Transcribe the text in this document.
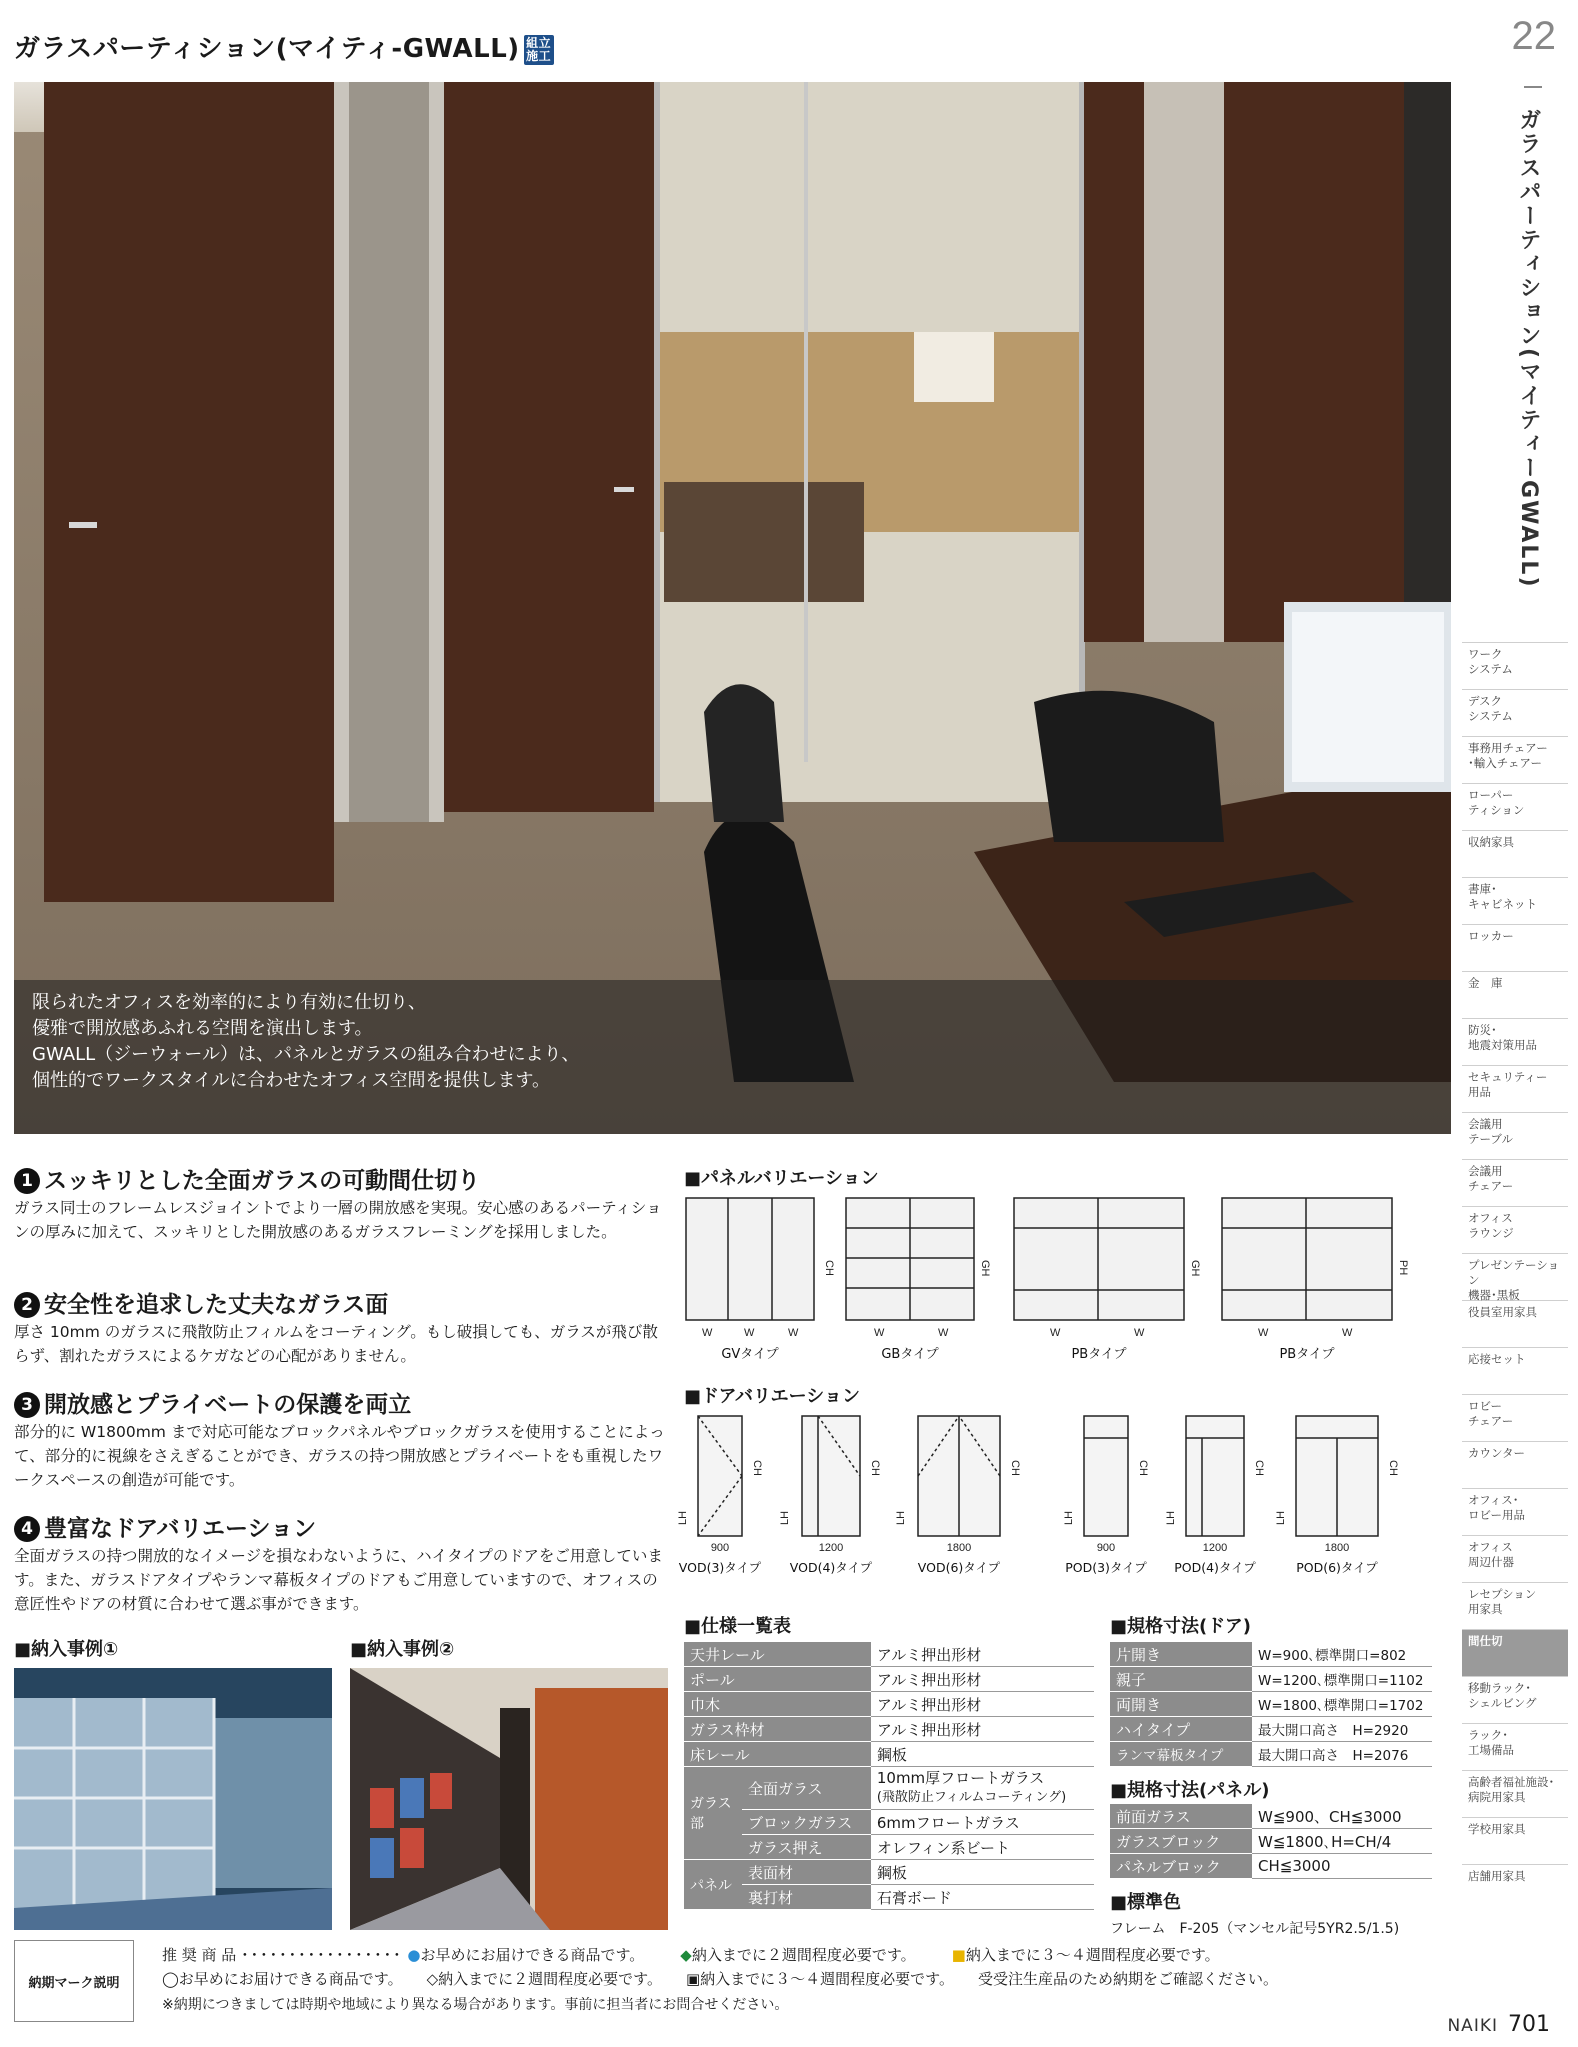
ガラスパーティション(マイティ-GWALL) 組立施工	22
ガラスパーティション(マイティーGWALL)

限られたオフィスを効率的により有効に仕切り、

優雅で開放感あふれる空間を演出します。

GWALL（ジーウォール）は、パネルとガラスの組み合わせにより、

個性的でワークスタイルに合わせたオフィス空間を提供します。

ワーク
システム
デスク
システム
事務用チェアー
･輸入チェアー
ローパー
ティション
収納家具
書庫･
キャビネット
ロッカー
金　庫
防災･
地震対策用品
セキュリティー
用品
会議用
テーブル
会議用
チェアー
オフィス
ラウンジ
プレゼンテーション
機器･黒板
役員室用家具
応接セット
ロビー
チェアー
カウンター
オフィス･
ロビー用品
オフィス
周辺什器
レセプション
用家具
間仕切
移動ラック･
シェルビング
ラック･
工場備品
高齢者福祉施設･
病院用家具
学校用家具
店舗用家具
1 スッキリとした全面ガラスの可動間仕切り

ガラス同士のフレームレスジョイントでより一層の開放感を実現。安心感のあるパーティションの厚みに加えて、スッキリとした開放感のあるガラスフレーミングを採用しました。

2 安全性を追求した丈夫なガラス面

厚さ 10mm のガラスに飛散防止フィルムをコーティング。もし破損しても、ガラスが飛び散らず、割れたガラスによるケガなどの心配がありません。

3 開放感とプライベートの保護を両立

部分的に W1800mm まで対応可能なブロックパネルやブロックガラスを使用することによって、部分的に視線をさえぎることができ、ガラスの持つ開放感とプライベートをも重視したワークスペースの創造が可能です。

4 豊富なドアバリエーション

全面ガラスの持つ開放的なイメージを損なわないように、ハイタイプのドアをご用意しています。また、ガラスドアタイプやランマ幕板タイプのドアもご用意していますので、オフィスの意匠性やドアの材質に合わせて選ぶ事ができます。

■納入事例①	■納入事例②
■パネルバリエーション
W	W	W	W	W	W	W	W	W
CH	GH	GH	PH
GVタイプ	GBタイプ	PBタイプ	PBタイプ
■ドアバリエーション
900	1200	1800	900	1200	1800
CH	CH	CH	CH	CH	CH
LH	LH	LH	LH	LH	LH
VOD(3)タイプ VOD(4)タイプ	VOD(6)タイプ	POD(3)タイプ POD(4)タイプ	POD(6)タイプ
■仕様一覧表
天井レール		アルミ押出形材
ポール		アルミ押出形材
巾木		アルミ押出形材
ガラス枠材		アルミ押出形材
床レール		鋼板
ガラス部	全面ガラス	10mm厚フロートガラス
(飛散防止フィルムコーティング)
	ブロックガラス	6mmフロートガラス
	ガラス押え	オレフィン系ビート
パネル	表面材	鋼板
	裏打材	石膏ボード
■規格寸法(ドア)
片開き	W=900､標準開口=802
親子	W=1200､標準開口=1102
両開き	W=1800､標準開口=1702
ハイタイプ	最大開口高さ　H=2920
ランマ幕板タイプ	最大開口高さ　H=2076
■規格寸法(パネル)
前面ガラス	W≦900、CH≦3000
ガラスブロック	W≦1800､H=CH/4
パネルブロック	CH≦3000
■標準色
フレーム　F-205（マンセル記号5YR2.5/1.5)
納期マーク説明
推 奨 商 品 ･････････････････ ●お早めにお届けできる商品です。 ◆納入までに２週間程度必要です。 ■納入までに３～４週間程度必要です。
◯お早めにお届けできる商品です。 ◇納入までに２週間程度必要です。 ▣納入までに３～４週間程度必要です。 受受注生産品のため納期をご確認ください。
※納期につきましては時期や地域により異なる場合があります。事前に担当者にお問合せください。
NAIKI 701
